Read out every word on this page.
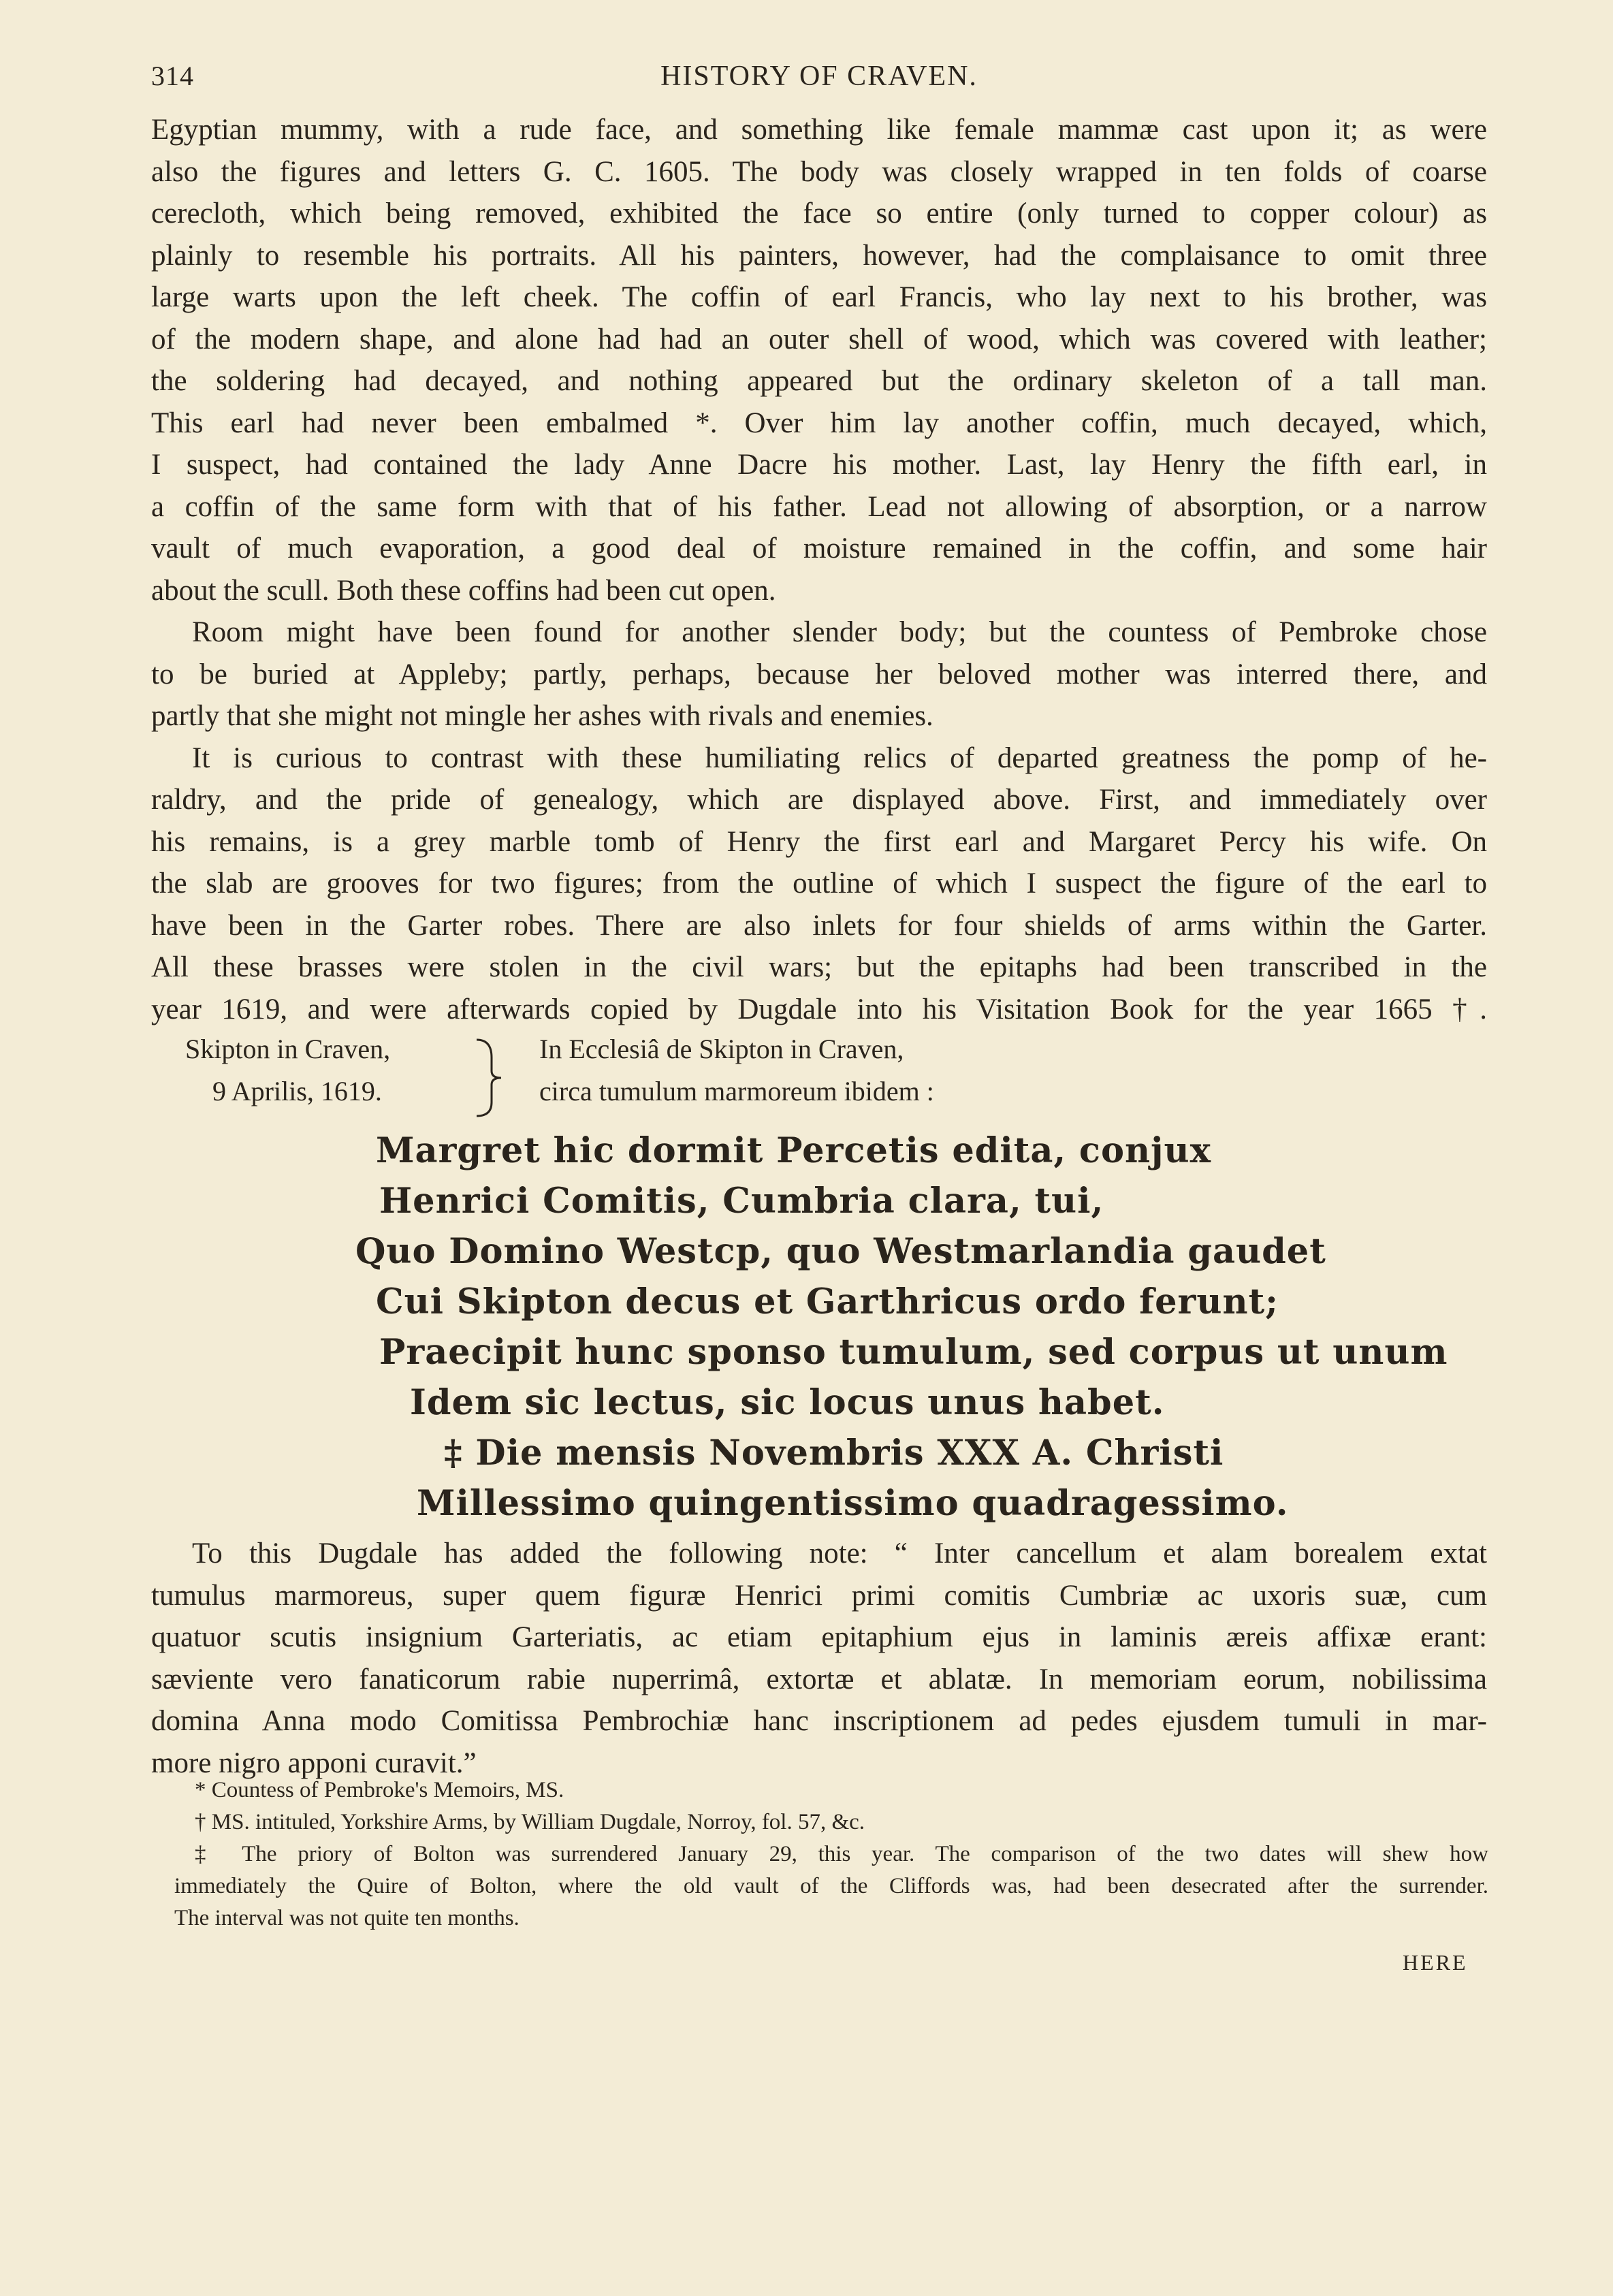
314	HISTORY OF CRAVEN.
Egyptian mummy, with a rude face, and something like female mammæ cast upon it; as were
also the figures and letters G. C. 1605. The body was closely wrapped in ten folds of coarse
cerecloth, which being removed, exhibited the face so entire (only turned to copper colour) as
plainly to resemble his portraits. All his painters, however, had the complaisance to omit three
large warts upon the left cheek. The coffin of earl Francis, who lay next to his brother, was
of the modern shape, and alone had had an outer shell of wood, which was covered with leather;
the soldering had decayed, and nothing appeared but the ordinary skeleton of a tall man.
This earl had never been embalmed *. Over him lay another coffin, much decayed, which,
I suspect, had contained the lady Anne Dacre his mother. Last, lay Henry the fifth earl, in
a coffin of the same form with that of his father. Lead not allowing of absorption, or a narrow
vault of much evaporation, a good deal of moisture remained in the coffin, and some hair
about the scull. Both these coffins had been cut open.
Room might have been found for another slender body; but the countess of Pembroke chose
to be buried at Appleby; partly, perhaps, because her beloved mother was interred there, and
partly that she might not mingle her ashes with rivals and enemies.
It is curious to contrast with these humiliating relics of departed greatness the pomp of he-
raldry, and the pride of genealogy, which are displayed above. First, and immediately over
his remains, is a grey marble tomb of Henry the first earl and Margaret Percy his wife. On
the slab are grooves for two figures; from the outline of which I suspect the figure of the earl to
have been in the Garter robes. There are also inlets for four shields of arms within the Garter.
All these brasses were stolen in the civil wars; but the epitaphs had been transcribed in the
year 1619, and were afterwards copied by Dugdale into his Visitation Book for the year 1665 †.
Skipton in Craven,
9 Aprilis, 1619.
In Ecclesiâ de Skipton in Craven,
circa tumulum marmoreum ibidem :
Margret hic dormit Percetis edita, conjux
Henrici Comitis, Cumbria clara, tui,
Quo Domino Westcp, quo Westmarlandia gaudet
Cui Skipton decus et Garthricus ordo ferunt;
Praecipit hunc sponso tumulum, sed corpus ut unum
Idem sic lectus, sic locus unus habet.
‡ Die mensis Novembris XXX A. Christi
Millessimo quingentissimo quadragessimo.
To this Dugdale has added the following note: “ Inter cancellum et alam borealem extat
tumulus marmoreus, super quem figuræ Henrici primi comitis Cumbriæ ac uxoris suæ, cum
quatuor scutis insignium Garteriatis, ac etiam epitaphium ejus in laminis æreis affixæ erant:
sæviente vero fanaticorum rabie nuperrimâ, extortæ et ablatæ. In memoriam eorum, nobilissima
domina Anna modo Comitissa Pembrochiæ hanc inscriptionem ad pedes ejusdem tumuli in mar-
more nigro apponi curavit.”
* Countess of Pembroke's Memoirs, MS.
† MS. intituled, Yorkshire Arms, by William Dugdale, Norroy, fol. 57, &c.
‡ The priory of Bolton was surrendered January 29, this year. The comparison of the two dates will shew how
immediately the Quire of Bolton, where the old vault of the Cliffords was, had been desecrated after the surrender.
The interval was not quite ten months.
HERE
